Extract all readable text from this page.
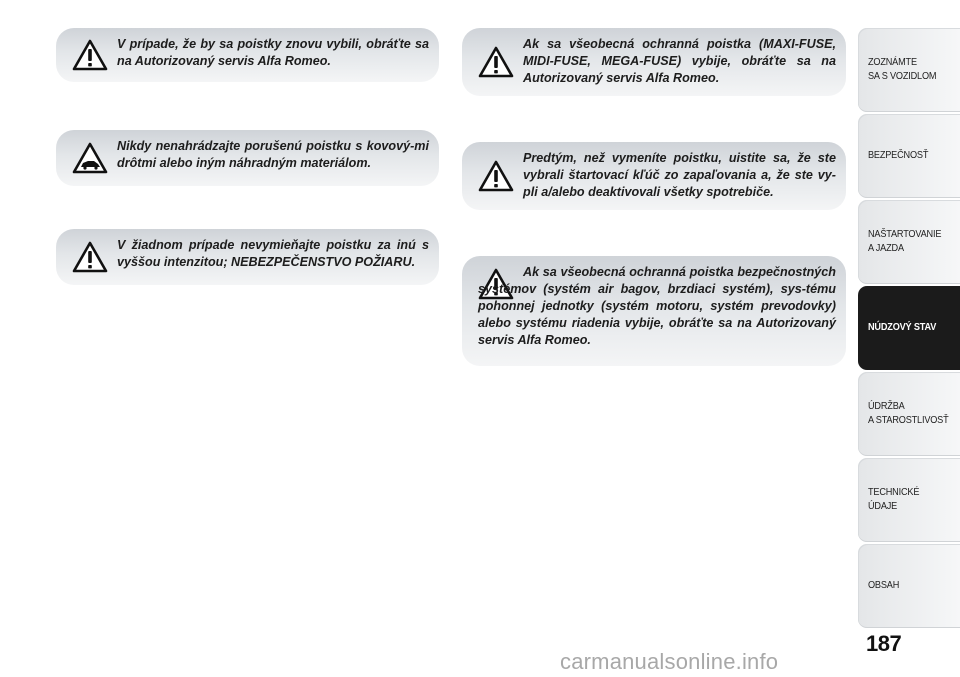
V prípade, že by sa poistky znovu vybili, obráťte sa na Autorizovaný servis Alfa Romeo.
Nikdy nenahrádzajte porušenú poistku s kovový-mi drôtmi alebo iným náhradným materiálom.
V žiadnom prípade nevymieňajte poistku za inú s vyššou intenzitou; NEBEZPEČENSTVO POŽIARU.
Ak sa všeobecná ochranná poistka (MAXI-FUSE, MIDI-FUSE, MEGA-FUSE) vybije, obráťte sa na Autorizovaný servis Alfa Romeo.
Predtým, než vymeníte poistku, uistite sa, že ste vybrali štartovací kľúč zo zapaľovania a, že ste vy-pli a/alebo deaktivovali všetky spotrebiče.
Ak sa všeobecná ochranná poistka bezpečnostných systémov (systém air bagov, brzdiaci systém), sys-tému pohonnej jednotky (systém motoru, systém prevodovky) alebo systému riadenia vybije, obráťte sa na Autorizovaný servis Alfa Romeo.
ZOZNÁMTE
SA S VOZIDLOM
BEZPEČNOSŤ
NAŠTARTOVANIE
A JAZDA
NÚDZOVÝ STAV
ÚDRŽBA
A STAROSTLIVOSŤ
TECHNICKÉ
ÚDAJE
OBSAH
187
carmanualsonline.info
